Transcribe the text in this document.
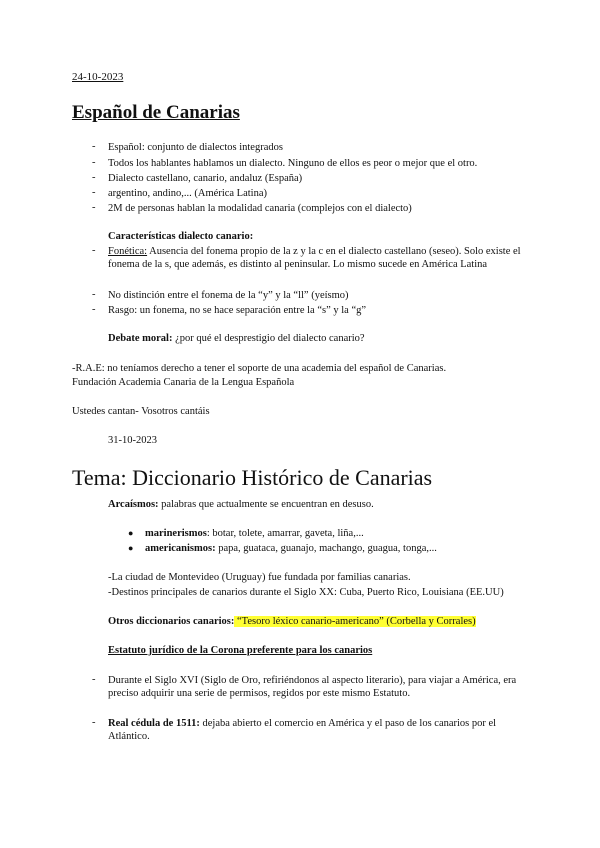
24-10-2023
Español de Canarias
- Español: conjunto de dialectos integrados
- Todos los hablantes hablamos un dialecto. Ninguno de ellos es peor o mejor que el otro.
- Dialecto castellano, canario, andaluz (España)
- argentino, andino,... (América Latina)
- 2M de personas hablan la modalidad canaria (complejos con el dialecto)
Características dialecto canario:
- Fonética: Ausencia del fonema propio de la z y la c en el dialecto castellano (seseo). Solo existe el fonema de la s, que además, es distinto al peninsular. Lo mismo sucede en América Latina
- No distinción entre el fonema de la “y” y la “ll” (yeísmo)
- Rasgo: un fonema, no se hace separación entre la “s” y la “g”
Debate moral: ¿por qué el desprestigio del dialecto canario?
-R.A.E: no teníamos derecho a tener el soporte de una academia del español de Canarias.
Fundación Academia Canaria de la Lengua Española
Ustedes cantan- Vosotros cantáis
31-10-2023
Tema: Diccionario Histórico de Canarias
Arcaísmos: palabras que actualmente se encuentran en desuso.
● marinerismos: botar, tolete, amarrar, gaveta, liña,...
● americanismos: papa, guataca, guanajo, machango, guagua, tonga,...
-La ciudad de Montevideo (Uruguay) fue fundada por familias canarias.
-Destinos principales de canarios durante el Siglo XX: Cuba, Puerto Rico, Louisiana (EE.UU)
Otros diccionarios canarios: “Tesoro léxico canario-americano” (Corbella y Corrales)
Estatuto jurídico de la Corona preferente para los canarios
- Durante el Siglo XVI (Siglo de Oro, refiriéndonos al aspecto literario), para viajar a América, era preciso adquirir una serie de permisos, regidos por este mismo Estatuto.
- Real cédula de 1511: dejaba abierto el comercio en América y el paso de los canarios por el Atlántico.
